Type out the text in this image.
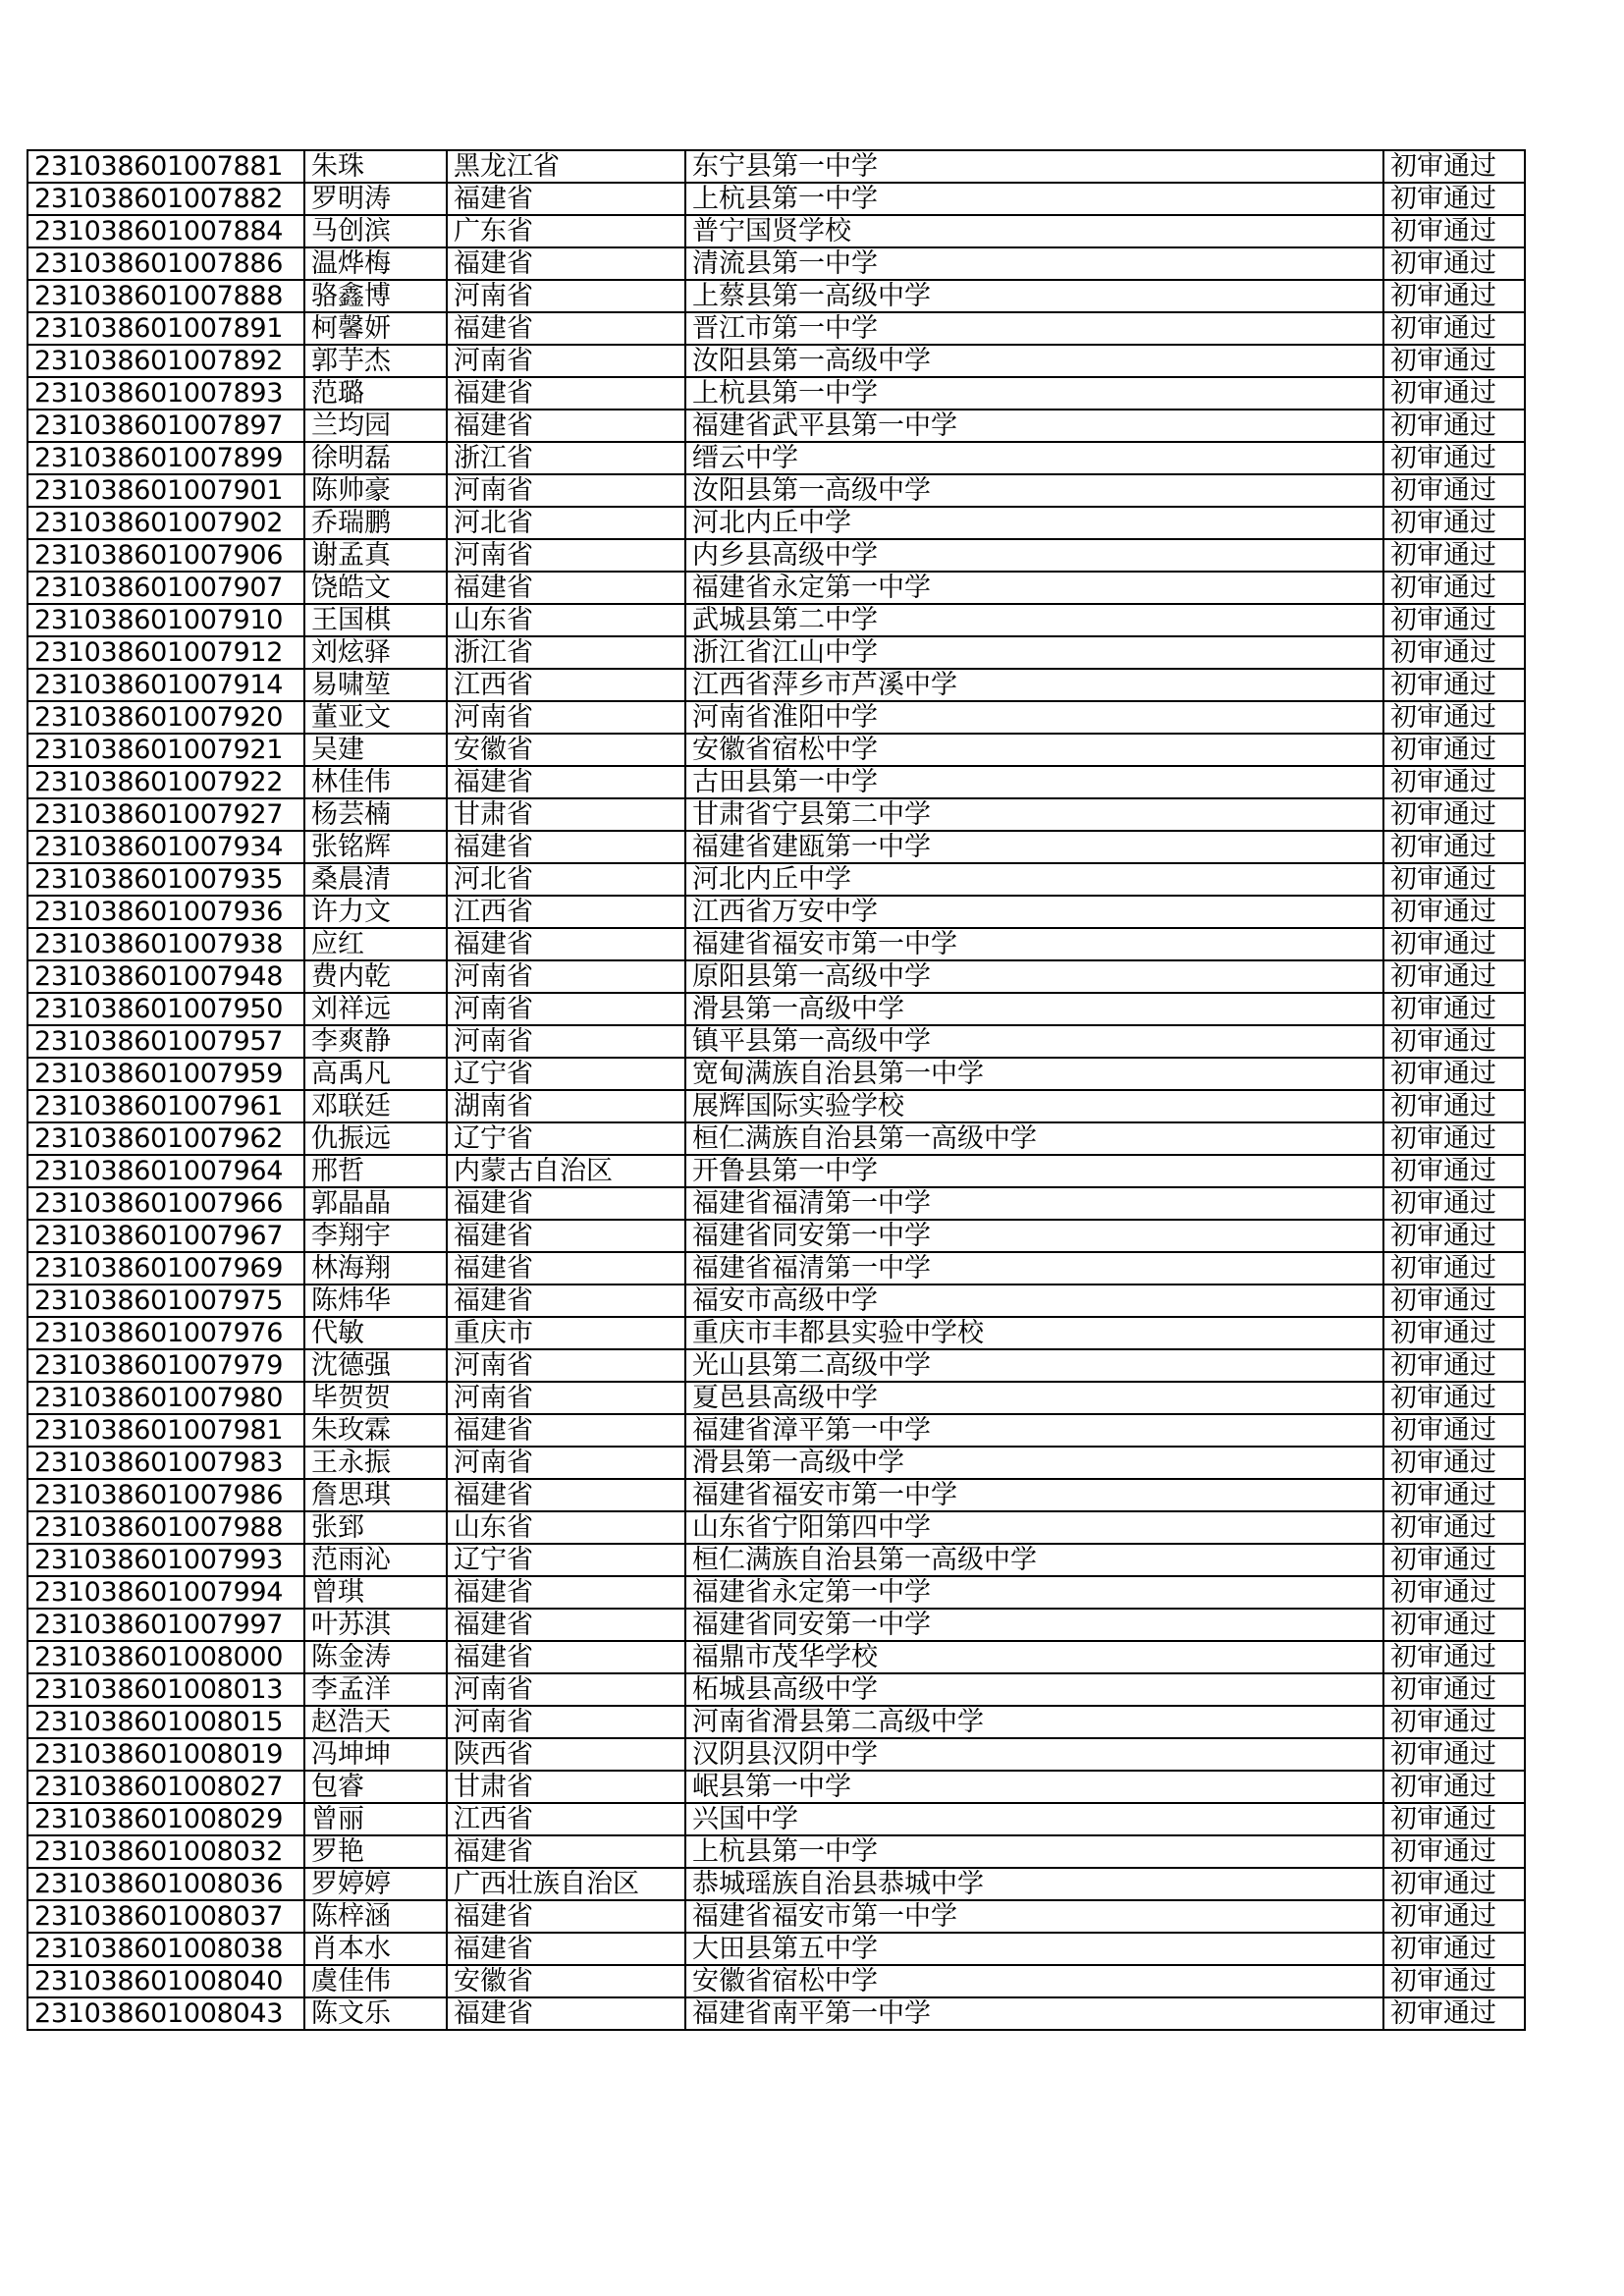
231038601007881	朱珠	黑龙江省	东宁县第一中学	初审通过
231038601007882	罗明涛	福建省	上杭县第一中学	初审通过
231038601007884	马创滨	广东省	普宁国贤学校	初审通过
231038601007886	温烨梅	福建省	清流县第一中学	初审通过
231038601007888	骆鑫博	河南省	上蔡县第一高级中学	初审通过
231038601007891	柯馨妍	福建省	晋江市第一中学	初审通过
231038601007892	郭芋杰	河南省	汝阳县第一高级中学	初审通过
231038601007893	范璐	福建省	上杭县第一中学	初审通过
231038601007897	兰均园	福建省	福建省武平县第一中学	初审通过
231038601007899	徐明磊	浙江省	缙云中学	初审通过
231038601007901	陈帅豪	河南省	汝阳县第一高级中学	初审通过
231038601007902	乔瑞鹏	河北省	河北内丘中学	初审通过
231038601007906	谢孟真	河南省	内乡县高级中学	初审通过
231038601007907	饶皓文	福建省	福建省永定第一中学	初审通过
231038601007910	王国棋	山东省	武城县第二中学	初审通过
231038601007912	刘炫驿	浙江省	浙江省江山中学	初审通过
231038601007914	易啸堃	江西省	江西省萍乡市芦溪中学	初审通过
231038601007920	董亚文	河南省	河南省淮阳中学	初审通过
231038601007921	吴建	安徽省	安徽省宿松中学	初审通过
231038601007922	林佳伟	福建省	古田县第一中学	初审通过
231038601007927	杨芸楠	甘肃省	甘肃省宁县第二中学	初审通过
231038601007934	张铭辉	福建省	福建省建瓯第一中学	初审通过
231038601007935	桑晨清	河北省	河北内丘中学	初审通过
231038601007936	许力文	江西省	江西省万安中学	初审通过
231038601007938	应红	福建省	福建省福安市第一中学	初审通过
231038601007948	费内乾	河南省	原阳县第一高级中学	初审通过
231038601007950	刘祥远	河南省	滑县第一高级中学	初审通过
231038601007957	李爽静	河南省	镇平县第一高级中学	初审通过
231038601007959	高禹凡	辽宁省	宽甸满族自治县第一中学	初审通过
231038601007961	邓联廷	湖南省	展辉国际实验学校	初审通过
231038601007962	仇振远	辽宁省	桓仁满族自治县第一高级中学	初审通过
231038601007964	邢哲	内蒙古自治区	开鲁县第一中学	初审通过
231038601007966	郭晶晶	福建省	福建省福清第一中学	初审通过
231038601007967	李翔宇	福建省	福建省同安第一中学	初审通过
231038601007969	林海翔	福建省	福建省福清第一中学	初审通过
231038601007975	陈炜华	福建省	福安市高级中学	初审通过
231038601007976	代敏	重庆市	重庆市丰都县实验中学校	初审通过
231038601007979	沈德强	河南省	光山县第二高级中学	初审通过
231038601007980	毕贺贺	河南省	夏邑县高级中学	初审通过
231038601007981	朱玫霖	福建省	福建省漳平第一中学	初审通过
231038601007983	王永振	河南省	滑县第一高级中学	初审通过
231038601007986	詹思琪	福建省	福建省福安市第一中学	初审通过
231038601007988	张郅	山东省	山东省宁阳第四中学	初审通过
231038601007993	范雨沁	辽宁省	桓仁满族自治县第一高级中学	初审通过
231038601007994	曾琪	福建省	福建省永定第一中学	初审通过
231038601007997	叶苏淇	福建省	福建省同安第一中学	初审通过
231038601008000	陈金涛	福建省	福鼎市茂华学校	初审通过
231038601008013	李孟洋	河南省	柘城县高级中学	初审通过
231038601008015	赵浩天	河南省	河南省滑县第二高级中学	初审通过
231038601008019	冯坤坤	陕西省	汉阴县汉阴中学	初审通过
231038601008027	包睿	甘肃省	岷县第一中学	初审通过
231038601008029	曾丽	江西省	兴国中学	初审通过
231038601008032	罗艳	福建省	上杭县第一中学	初审通过
231038601008036	罗婷婷	广西壮族自治区	恭城瑶族自治县恭城中学	初审通过
231038601008037	陈梓涵	福建省	福建省福安市第一中学	初审通过
231038601008038	肖本水	福建省	大田县第五中学	初审通过
231038601008040	虞佳伟	安徽省	安徽省宿松中学	初审通过
231038601008043	陈文乐	福建省	福建省南平第一中学	初审通过
